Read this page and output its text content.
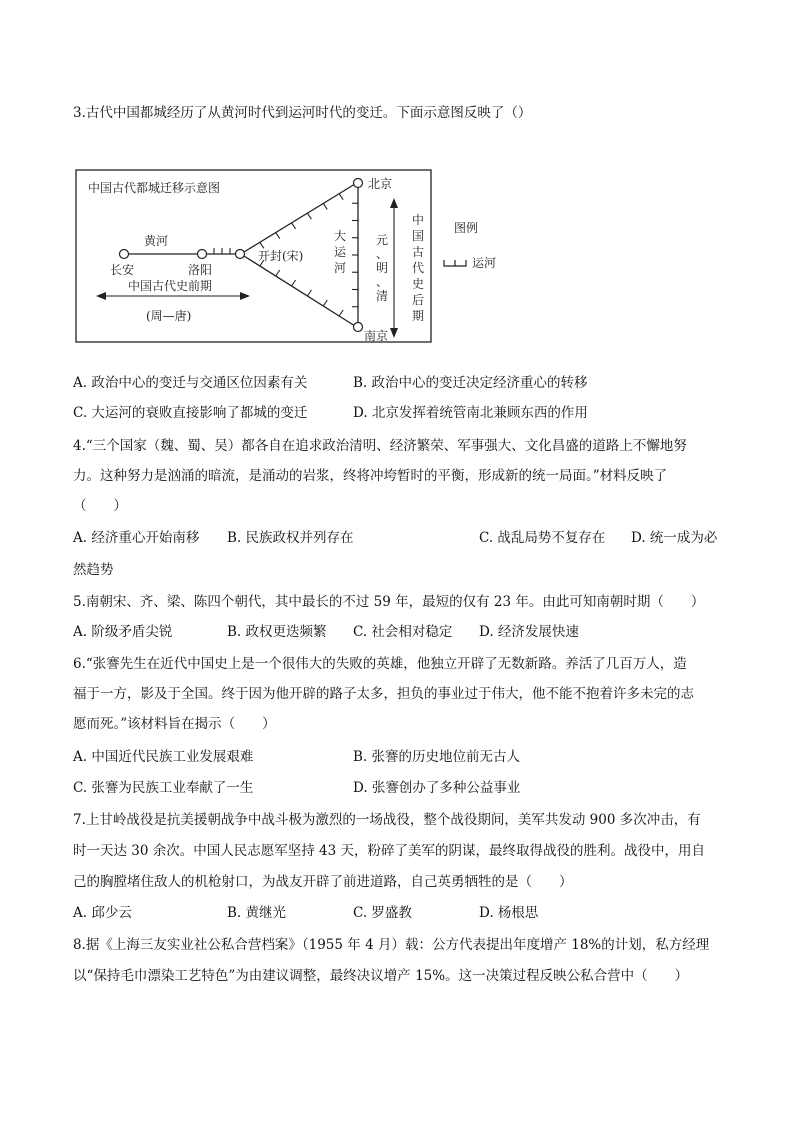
3.古代中国都城经历了从黄河时代到运河时代的变迁。下面示意图反映了（）
中国古代都城迁移示意图
黄河
长安	洛阳
开封(宋)
北京
南京
大
运
河
元
、
明
、
清
中
国
古
代
史
后
期
中国古代史前期
(周—唐)
图例
运河
A. 政治中心的变迁与交通区位因素有关	B. 政治中心的变迁决定经济重心的转移
C. 大运河的衰败直接影响了都城的变迁	D. 北京发挥着统管南北兼顾东西的作用
4.“三个国家（魏、蜀、吴）都各自在追求政治清明、经济繁荣、军事强大、文化昌盛的道路上不懈地努
力。这种努力是汹涌的暗流，是涌动的岩浆，终将冲垮暂时的平衡，形成新的统一局面。”材料反映了
（　　）
A. 经济重心开始南移 B. 民族政权并列存在	C. 战乱局势不复存在 D. 统一成为必
然趋势
5.南朝宋、齐、梁、陈四个朝代，其中最长的不过 59 年，最短的仅有 23 年。由此可知南朝时期（　　）
A. 阶级矛盾尖锐	B. 政权更迭频繁 C. 社会相对稳定 D. 经济发展快速
6.“张謇先生在近代中国史上是一个很伟大的失败的英雄，他独立开辟了无数新路。养活了几百万人，造
福于一方，影及于全国。终于因为他开辟的路子太多，担负的事业过于伟大，他不能不抱着许多未完的志
愿而死。”该材料旨在揭示（　　）
A. 中国近代民族工业发展艰难	B. 张謇的历史地位前无古人
C. 张謇为民族工业奉献了一生	D. 张謇创办了多种公益事业
7.上甘岭战役是抗美援朝战争中战斗极为激烈的一场战役，整个战役期间，美军共发动 900 多次冲击，有
时一天达 30 余次。中国人民志愿军坚持 43 天，粉碎了美军的阴谋，最终取得战役的胜利。战役中，用自
己的胸膛堵住敌人的机枪射口，为战友开辟了前进道路，自己英勇牺牲的是（　　）
A. 邱少云	B. 黄继光	C. 罗盛教	D. 杨根思
8.据《上海三友实业社公私合营档案》（1955 年 4 月）载：公方代表提出年度增产 18%的计划，私方经理
以“保持毛巾漂染工艺特色”为由建议调整，最终决议增产 15%。这一决策过程反映公私合营中（　　）
